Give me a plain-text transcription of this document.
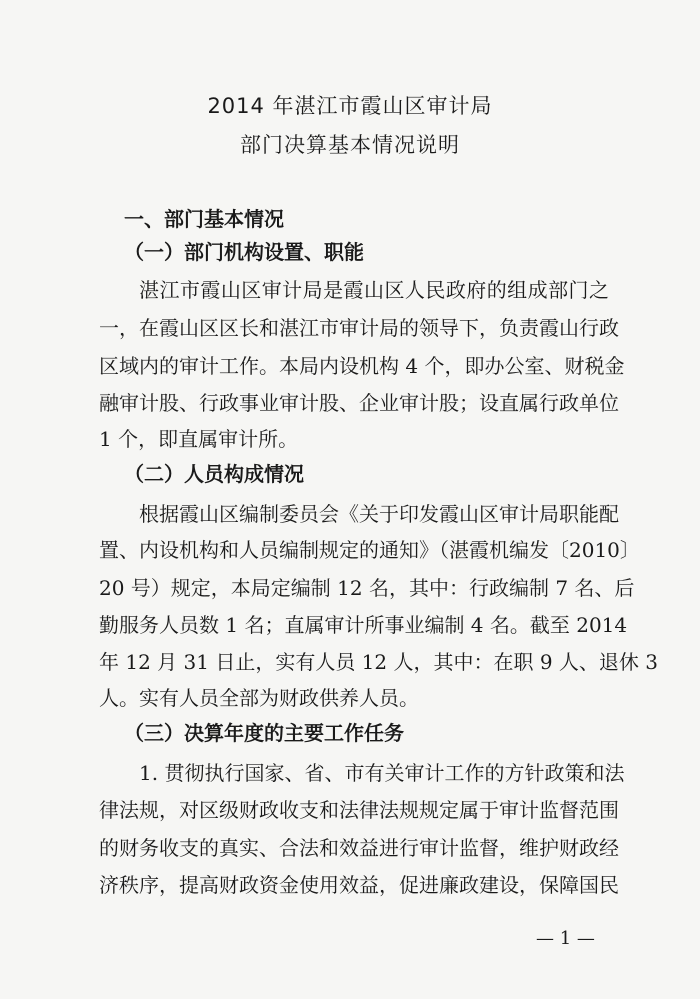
2014 年湛江市霞山区审计局
部门决算基本情况说明
一、部门基本情况
（一）部门机构设置、职能
湛江市霞山区审计局是霞山区人民政府的组成部门之
一，在霞山区区长和湛江市审计局的领导下，负责霞山行政
区域内的审计工作。本局内设机构 4 个，即办公室、财税金
融审计股、行政事业审计股、企业审计股；设直属行政单位
1 个，即直属审计所。
（二）人员构成情况
根据霞山区编制委员会《关于印发霞山区审计局职能配
置、内设机构和人员编制规定的通知》（湛霞机编发〔2010〕
20 号）规定，本局定编制 12 名，其中：行政编制 7 名、后
勤服务人员数 1 名；直属审计所事业编制 4 名。截至 2014
年 12 月 31 日止，实有人员 12 人，其中：在职 9 人、退休 3
人。实有人员全部为财政供养人员。
（三）决算年度的主要工作任务
1. 贯彻执行国家、省、市有关审计工作的方针政策和法
律法规，对区级财政收支和法律法规规定属于审计监督范围
的财务收支的真实、合法和效益进行审计监督，维护财政经
济秩序，提高财政资金使用效益，促进廉政建设，保障国民
— 1 —
